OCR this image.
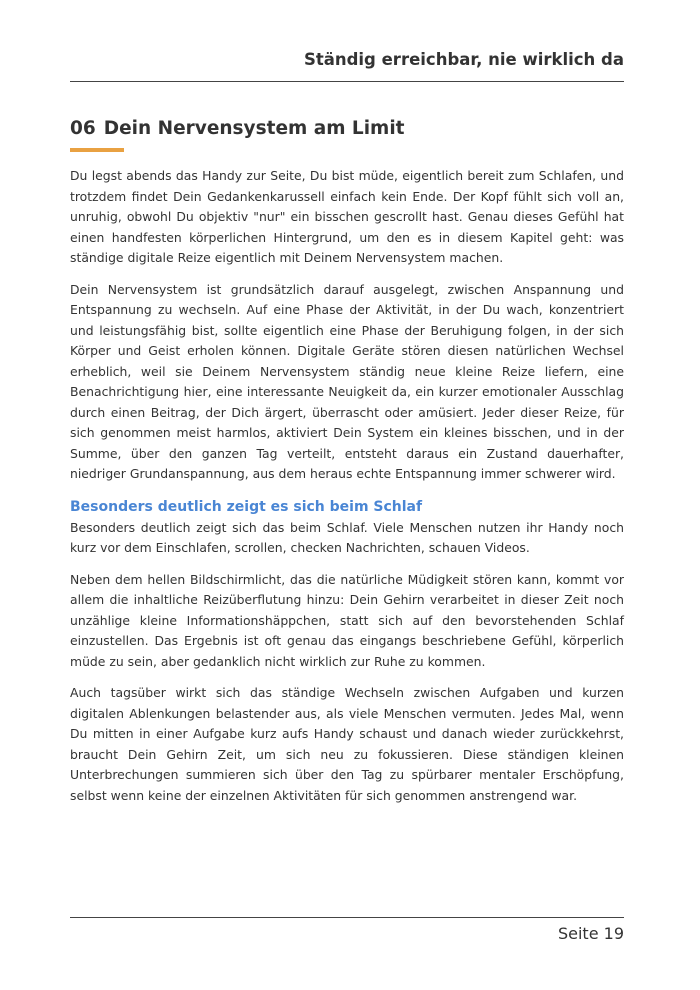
Ständig erreichbar, nie wirklich da
06 Dein Nervensystem am Limit

Du legst abends das Handy zur Seite, Du bist müde, eigentlich bereit zum Schlafen, und trotzdem findet Dein Gedankenkarussell einfach kein Ende. Der Kopf fühlt sich voll an, unruhig, obwohl Du objektiv "nur" ein bisschen gescrollt hast. Genau dieses Gefühl hat einen handfesten körperlichen Hintergrund, um den es in diesem Kapitel geht: was ständige digitale Reize eigentlich mit Deinem Nervensystem machen.

Dein Nervensystem ist grundsätzlich darauf ausgelegt, zwischen Anspannung und Entspannung zu wechseln. Auf eine Phase der Aktivität, in der Du wach, konzentriert und leistungsfähig bist, sollte eigentlich eine Phase der Beruhigung folgen, in der sich Körper und Geist erholen können. Digitale Geräte stören diesen natürlichen Wechsel erheblich, weil sie Deinem Nervensystem ständig neue kleine Reize liefern, eine Benachrichtigung hier, eine interessante Neuigkeit da, ein kurzer emotionaler Ausschlag durch einen Beitrag, der Dich ärgert, überrascht oder amüsiert. Jeder dieser Reize, für sich genommen meist harmlos, aktiviert Dein System ein kleines bisschen, und in der Summe, über den ganzen Tag verteilt, entsteht daraus ein Zustand dauerhafter, niedriger Grundanspannung, aus dem heraus echte Entspannung immer schwerer wird.

Besonders deutlich zeigt es sich beim Schlaf

Besonders deutlich zeigt sich das beim Schlaf. Viele Menschen nutzen ihr Handy noch kurz vor dem Einschlafen, scrollen, checken Nachrichten, schauen Videos.

Neben dem hellen Bildschirmlicht, das die natürliche Müdigkeit stören kann, kommt vor allem die inhaltliche Reizüberflutung hinzu: Dein Gehirn verarbeitet in dieser Zeit noch unzählige kleine Informationshäppchen, statt sich auf den bevorstehenden Schlaf einzustellen. Das Ergebnis ist oft genau das eingangs beschriebene Gefühl, körperlich müde zu sein, aber gedanklich nicht wirklich zur Ruhe zu kommen.

Auch tagsüber wirkt sich das ständige Wechseln zwischen Aufgaben und kurzen digitalen Ablenkungen belastender aus, als viele Menschen vermuten. Jedes Mal, wenn Du mitten in einer Aufgabe kurz aufs Handy schaust und danach wieder zurückkehrst, braucht Dein Gehirn Zeit, um sich neu zu fokussieren. Diese ständigen kleinen Unterbrechungen summieren sich über den Tag zu spürbarer mentaler Erschöpfung, selbst wenn keine der einzelnen Aktivitäten für sich genommen anstrengend war.

Seite 19
